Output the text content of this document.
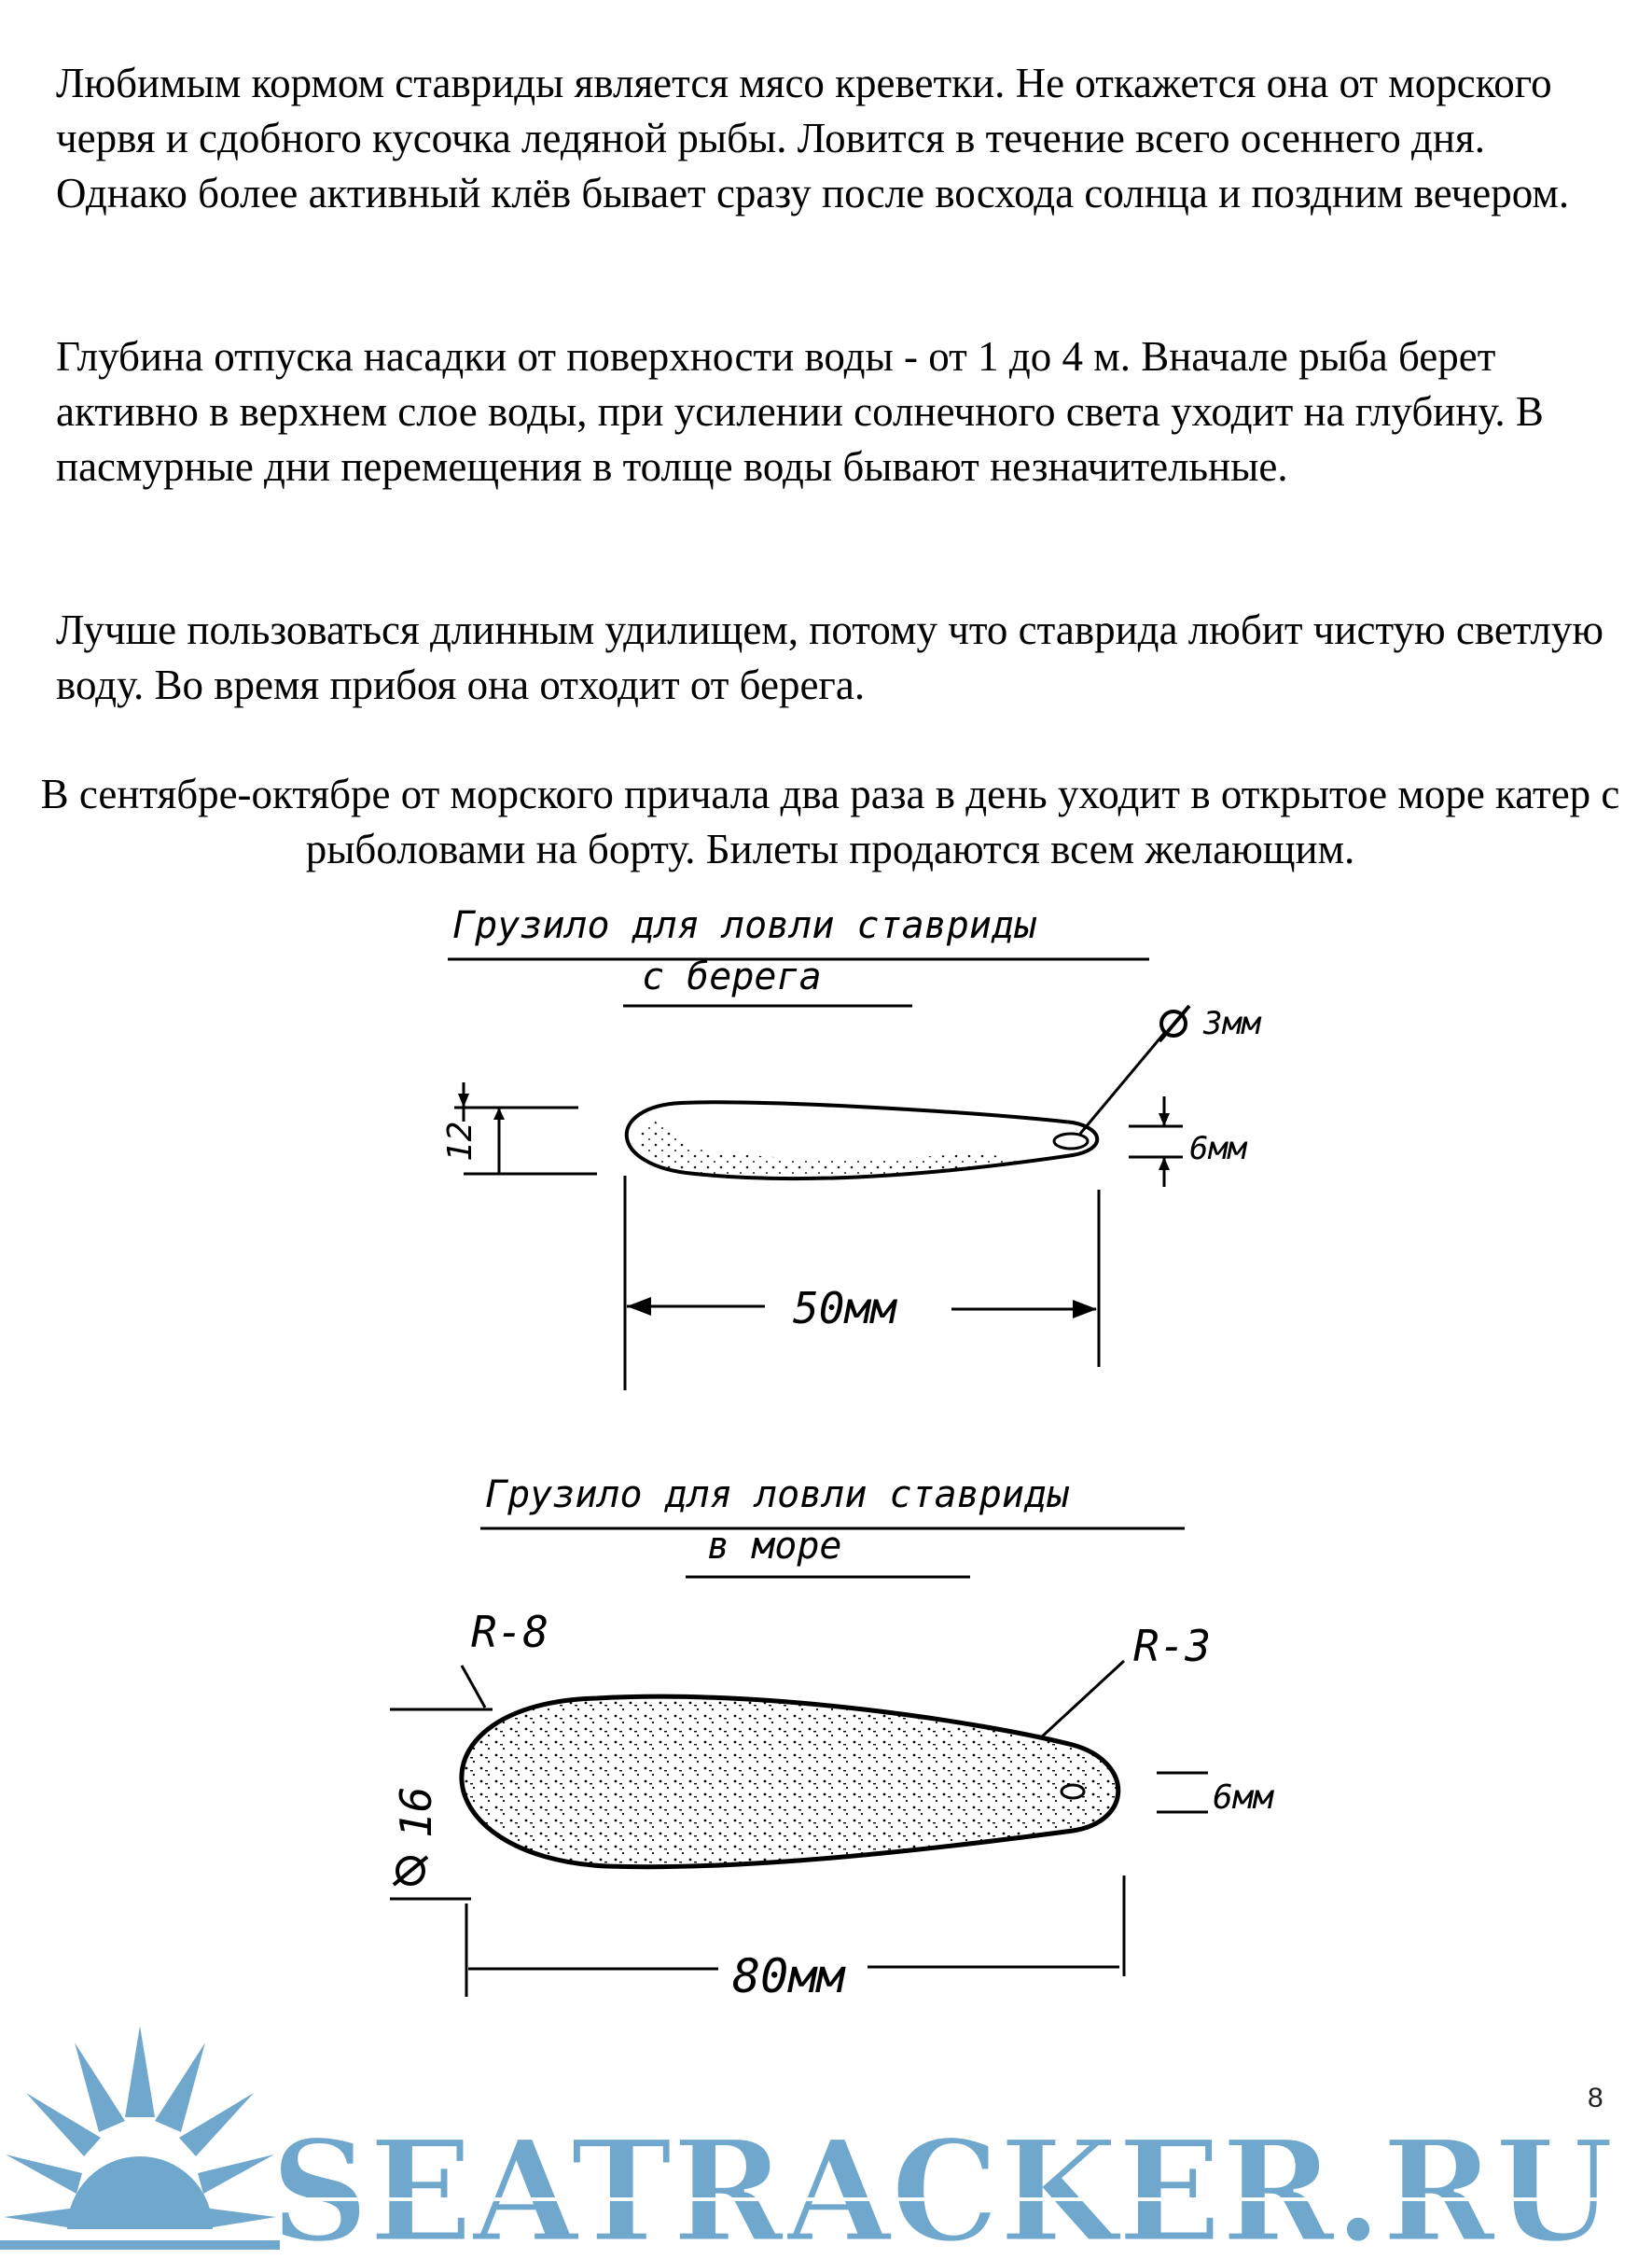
Любимым кормом ставриды является мясо креветки. Не откажется она от морского червя и сдобного кусочка ледяной рыбы. Ловится в течение всего осеннего дня. Однако более активный клёв бывает сразу после восхода солнца и поздним вечером.

Глубина отпуска насадки от поверхности воды - от 1 до 4 м. Вначале рыба берет активно в верхнем слое воды, при усилении солнечного света уходит на глубину. В пасмурные дни перемещения в толще воды бывают незначительные.

Лучше пользоваться длинным удилищем, потому что ставрида любит чистую светлую воду. Во время прибоя она отходит от берега.

В сентябре-октябре от морского причала два раза в день уходит в открытое море катер с рыболовами на борту. Билеты продаются всем желающим.

Грузило для ловли ставриды
с берега
3мм
12	6мм
50мм
Грузило для ловли ставриды
в море
R-8	R-3
16	6мм
80мм
SEATRACKER.RU
8
